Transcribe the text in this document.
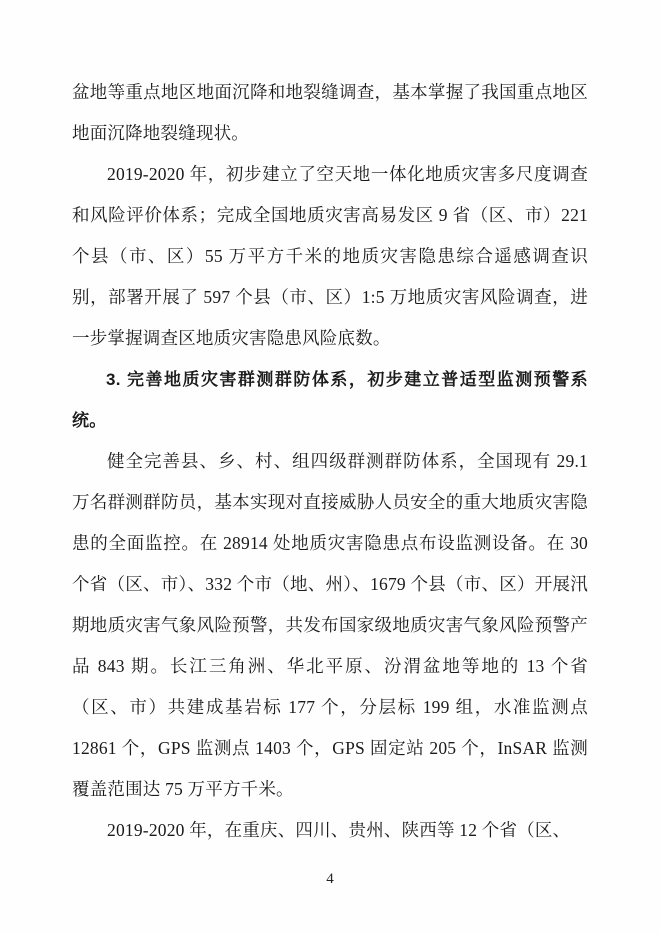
盆地等重点地区地面沉降和地裂缝调查，基本掌握了我国重点地区地面沉降地裂缝现状。

2019-2020 年，初步建立了空天地一体化地质灾害多尺度调查和风险评价体系；完成全国地质灾害高易发区 9 省（区、市）221 个县（市、区）55 万平方千米的地质灾害隐患综合遥感调查识别，部署开展了 597 个县（市、区）1:5 万地质灾害风险调查，进一步掌握调查区地质灾害隐患风险底数。

3. 完善地质灾害群测群防体系，初步建立普适型监测预警系统。

健全完善县、乡、村、组四级群测群防体系，全国现有 29.1 万名群测群防员，基本实现对直接威胁人员安全的重大地质灾害隐患的全面监控。在 28914 处地质灾害隐患点布设监测设备。在 30 个省（区、市）、332 个市（地、州）、1679 个县（市、区）开展汛期地质灾害气象风险预警，共发布国家级地质灾害气象风险预警产品 843 期。长江三角洲、华北平原、汾渭盆地等地的 13 个省（区、市）共建成基岩标 177 个，分层标 199 组，水准监测点 12861 个，GPS 监测点 1403 个，GPS 固定站 205 个，InSAR 监测覆盖范围达 75 万平方千米。

2019-2020 年，在重庆、四川、贵州、陕西等 12 个省（区、

4
